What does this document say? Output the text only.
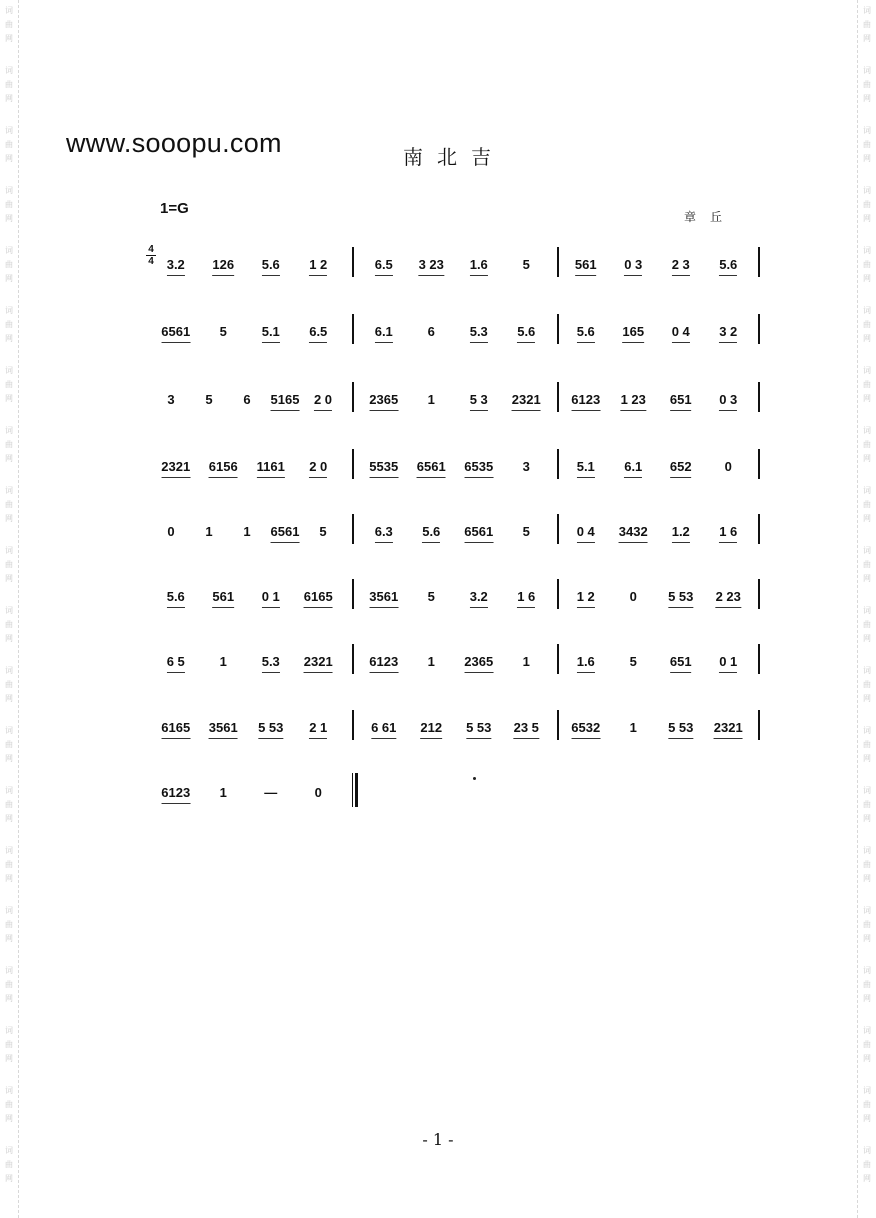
词
曲
网
词
曲
网
词
曲
网
词
曲
网
词
曲
网
词
曲
网
词
曲
网
词
曲
网
词
曲
网
词
曲
网
词
曲
网
词
曲
网
词
曲
网
词
曲
网
词
曲
网
词
曲
网
词
曲
网
词
曲
网
词
曲
网
词
曲
网
词
曲
网
词
曲
网
词
曲
网
词
曲
网
词
曲
网
词
曲
网
词
曲
网
词
曲
网
词
曲
网
词
曲
网
词
曲
网
词
曲
网
词
曲
网
词
曲
网
词
曲
网
词
曲
网
词
曲
网
词
曲
网
词
曲
网
词
曲
网
www.sooopu.com	南北吉
1=G	章丘
4
4 3.2 126 5.6 1 2	6.5 3 23 1.6	5	561 0 3 2 3 5.6
6561 5	5.1 6.5	6.1	6	5.3 5.6	5.6 165 0 4 3 2
3 5 6 5165 2 0	2365 1	5 3 2321 6123 1 23 651 0 3
2321 6156 1161 2 0	5535 6561 6535 3	5.1 6.1 652	0
0 1 1 6561 5	6.3 5.6 6561 5	0 4 3432 1.2 1 6
5.6 561 0 1 6165	3561 5	3.2 1 6	1 2	0 5 53 2 23
6 5	1	5.3 2321	6123 1 2365 1	1.6	5	651 0 1
6165 3561 5 53 2 1	6 61 212 5 53 23 5 6532 1 5 53 2321
6123 1	—	0
- 1 -
